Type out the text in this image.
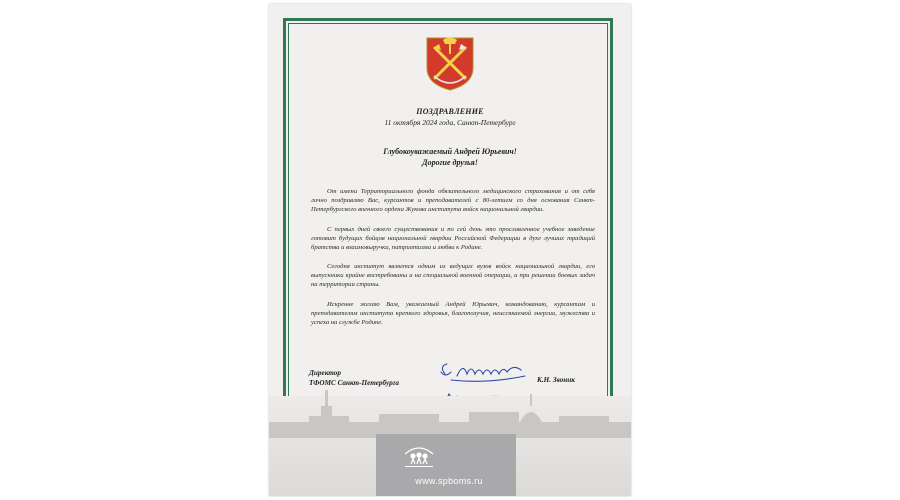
ПОЗДРАВЛЕНИЕ
11 октября 2024 года, Санкт-Петербург
Глубокоуважаемый Андрей Юрьевич!
Дорогие друзья!

От имени Территориального фонда обязательного медицинского страхования и от себя лично поздравляю Вас, курсантов и преподавателей с 80-летием со дня основания Санкт-Петербургского военного ордена Жукова института войск национальной гвардии.

С первых дней своего существования и по сей день это прославленное учебное заведение готовит будущих бойцов национальной гвардии Российской Федерации в духе лучших традиций братства и взаимовыручки, патриотизма и любви к Родине.

Сегодня институт является одним из ведущих вузов войск национальной гвардии, его выпускники крайне востребованы и на специальной военной операции, и при решении боевых задач на территории страны.

Искренне желаю Вам, уважаемый Андрей Юрьевич, командованию, курсантам и преподавателям института крепкого здоровья, благополучия, неиссякаемой энергии, мужества и успеха на службе Родине.

Директор
ТФОМС Санкт-Петербурга	К.Н. Звоник
www.spboms.ru
